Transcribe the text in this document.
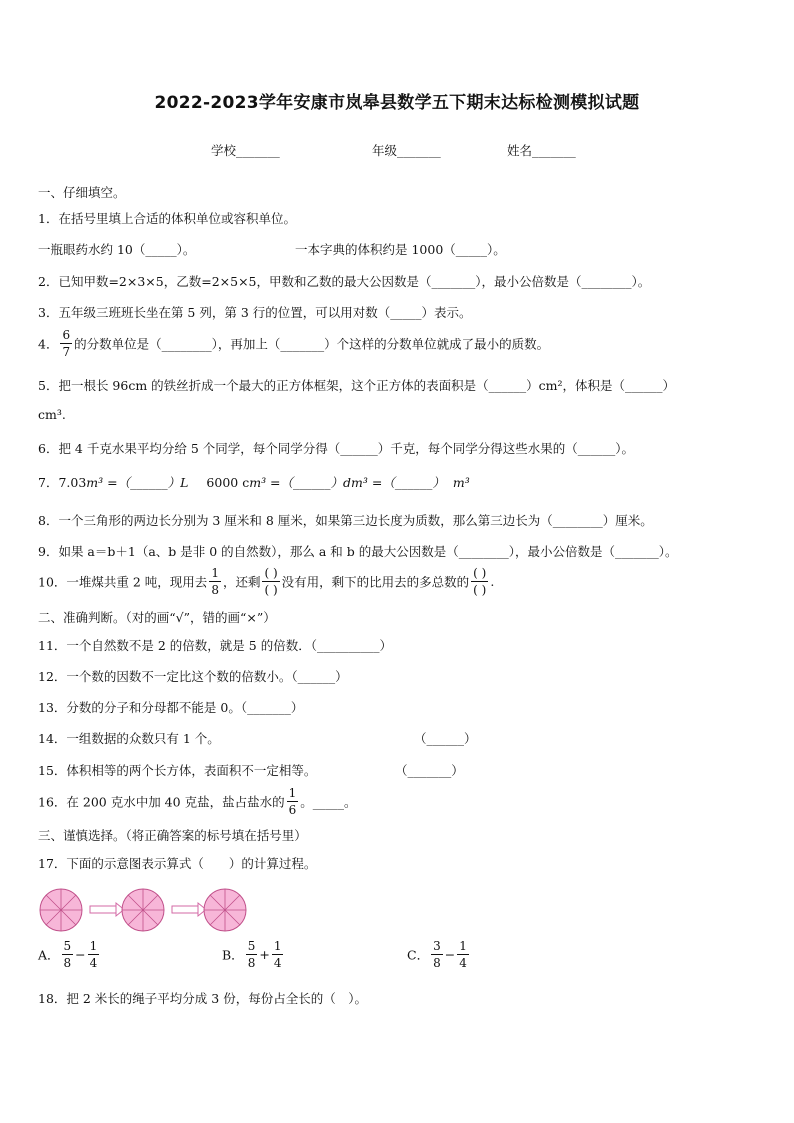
2022-2023学年安康市岚皋县数学五下期末达标检测模拟试题
学校_______	年级_______	姓名_______
一、仔细填空。
1．在括号里填上合适的体积单位或容积单位。
一瓶眼药水约 10（_____）。	一本字典的体积约是 1000（_____）。
2．已知甲数=2×3×5，乙数=2×5×5，甲数和乙数的最大公因数是（_______），最小公倍数是（________）。
3．五年级三班班长坐在第 5 列，第 3 行的位置，可以用对数（_____）表示。
4． $\frac{6}{7}$ 的分数单位是（________），再加上（_______）个这样的分数单位就成了最小的质数。
5．把一根长 96cm 的铁丝折成一个最大的正方体框架，这个正方体的表面积是（______）cm²，体积是（______）
cm³.
6．把 4 千克水果平均分给 5 个同学，每个同学分得（______）千克，每个同学分得这些水果的（______）。
7．7.03m³ =（______）L 6000 cm³ =（______）dm³ =（______） m³
8．一个三角形的两边长分别为 3 厘米和 8 厘米，如果第三边长度为质数，那么第三边长为（________）厘米。
9．如果 a＝b＋1（a、b 是非 0 的自然数），那么 a 和 b 的最大公因数是（________），最小公倍数是（_______）。
10．一堆煤共重 2 吨，现用去 $\frac{1}{8}$ ，还剩 $\frac{( )}{( )}$ 没有用，剩下的比用去的多总数的 $\frac{( )}{( )}$ .
二、准确判断。（对的画“√”，错的画“×”）
11．一个自然数不是 2 的倍数，就是 5 的倍数．（__________）
12．一个数的因数不一定比这个数的倍数小。（______）
13．分数的分子和分母都不能是 0。（_______）
14．一组数据的众数只有 1 个。	（______）
15．体积相等的两个长方体，表面积不一定相等。	（_______）
16．在 200 克水中加 40 克盐，盐占盐水的 $\frac{1}{6}$ 。_____。
三、谨慎选择。（将正确答案的标号填在括号里）
17．下面的示意图表示算式（　　）的计算过程。
A． $\frac{5}{8} - \frac{1}{4}$	B． $\frac{5}{8} + \frac{1}{4}$	C． $\frac{3}{8} - \frac{1}{4}$
18．把 2 米长的绳子平均分成 3 份，每份占全长的（　）。
